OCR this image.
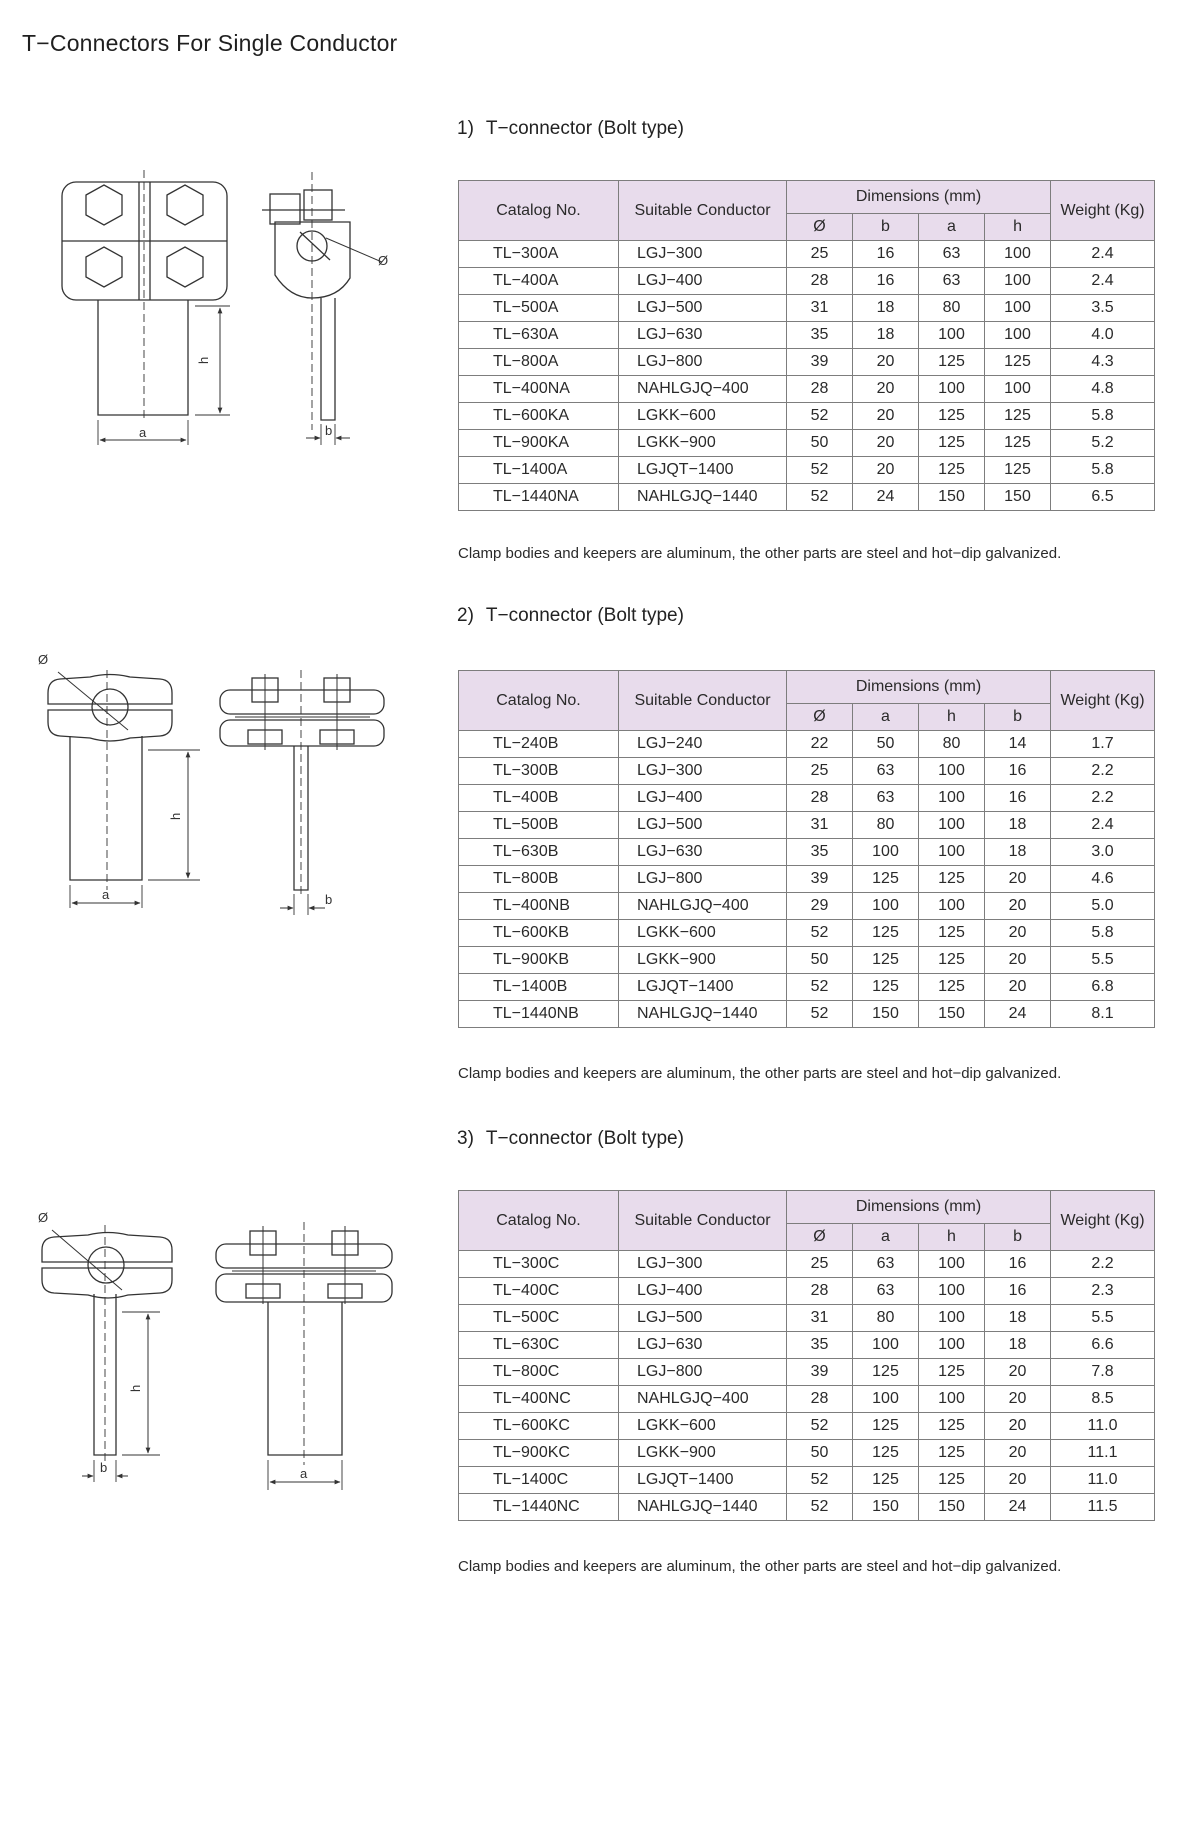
T−Connectors For Single Conductor
1) T−connector (Bolt type)
Catalog No.	Suitable Conductor	Dimensions (mm)				Weight (Kg)
		Ø	b	a	h	
TL−300A	LGJ−300	25	16	63	100	2.4
TL−400A	LGJ−400	28	16	63	100	2.4
TL−500A	LGJ−500	31	18	80	100	3.5
TL−630A	LGJ−630	35	18	100	100	4.0
TL−800A	LGJ−800	39	20	125	125	4.3
TL−400NA	NAHLGJQ−400	28	20	100	100	4.8
TL−600KA	LGKK−600	52	20	125	125	5.8
TL−900KA	LGKK−900	50	20	125	125	5.2
TL−1400A	LGJQT−1400	52	20	125	125	5.8
TL−1440NA	NAHLGJQ−1440	52	24	150	150	6.5
Clamp bodies and keepers are aluminum, the other parts are steel and hot−dip galvanized.
2) T−connector (Bolt type)
Catalog No.	Suitable Conductor	Dimensions (mm)				Weight (Kg)
		Ø	a	h	b	
TL−240B	LGJ−240	22	50	80	14	1.7
TL−300B	LGJ−300	25	63	100	16	2.2
TL−400B	LGJ−400	28	63	100	16	2.2
TL−500B	LGJ−500	31	80	100	18	2.4
TL−630B	LGJ−630	35	100	100	18	3.0
TL−800B	LGJ−800	39	125	125	20	4.6
TL−400NB	NAHLGJQ−400	29	100	100	20	5.0
TL−600KB	LGKK−600	52	125	125	20	5.8
TL−900KB	LGKK−900	50	125	125	20	5.5
TL−1400B	LGJQT−1400	52	125	125	20	6.8
TL−1440NB	NAHLGJQ−1440	52	150	150	24	8.1
Clamp bodies and keepers are aluminum, the other parts are steel and hot−dip galvanized.
3) T−connector (Bolt type)
Catalog No.	Suitable Conductor	Dimensions (mm)				Weight (Kg)
		Ø	a	h	b	
TL−300C	LGJ−300	25	63	100	16	2.2
TL−400C	LGJ−400	28	63	100	16	2.3
TL−500C	LGJ−500	31	80	100	18	5.5
TL−630C	LGJ−630	35	100	100	18	6.6
TL−800C	LGJ−800	39	125	125	20	7.8
TL−400NC	NAHLGJQ−400	28	100	100	20	8.5
TL−600KC	LGKK−600	52	125	125	20	11.0
TL−900KC	LGKK−900	50	125	125	20	11.1
TL−1400C	LGJQT−1400	52	125	125	20	11.0
TL−1440NC	NAHLGJQ−1440	52	150	150	24	11.5
Clamp bodies and keepers are aluminum, the other parts are steel and hot−dip galvanized.
h
a
Ø
b
Ø
h
a	b
Ø
h
b	a
